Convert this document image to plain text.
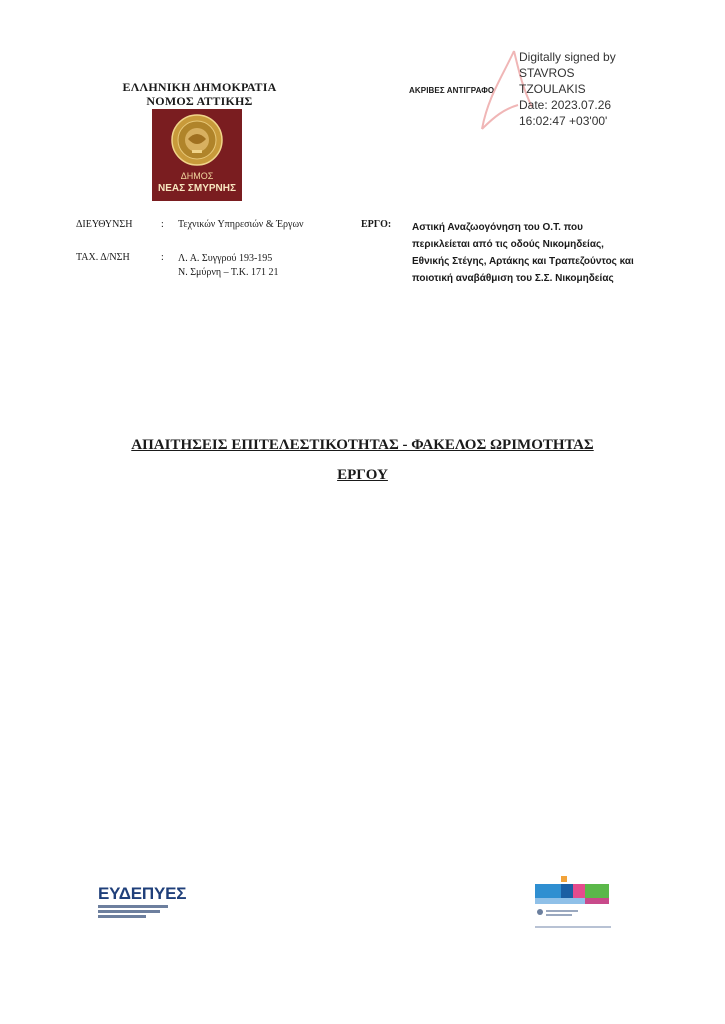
ΕΛΛΗΝΙΚΗ ΔΗΜΟΚΡΑΤΙΑ
ΝΟΜΟΣ ΑΤΤΙΚΗΣ
ΔΗΜΟΣ
ΝΕΑΣ ΣΜΥΡΝΗΣ
ΑΚΡΙΒΕΣ ΑΝΤΙΓΡΑΦΟ
Digitally signed by
STAVROS
TZOULAKIS
Date: 2023.07.26
16:02:47 +03'00'
ΔΙΕΥΘΥΝΣΗ	: Τεχνικών Υπηρεσιών & Έργων
ΤΑΧ. Δ/ΝΣΗ	: Λ. Α. Συγγρού 193-195
Ν. Σμύρνη – Τ.Κ. 171 21
ΕΡΓΟ: Αστική Αναζωογόνηση του Ο.Τ. που
περικλείεται από τις οδούς Νικομηδείας,
Εθνικής Στέγης, Αρτάκης και Τραπεζούντος και
ποιοτική αναβάθμιση του Σ.Σ. Νικομηδείας
ΑΠΑΙΤΗΣΕΙΣ ΕΠΙΤΕΛΕΣΤΙΚΟΤΗΤΑΣ - ΦΑΚΕΛΟΣ ΩΡΙΜΟΤΗΤΑΣ
ΕΡΓΟΥ
ΕΥΔΕΠΥΕΣ
